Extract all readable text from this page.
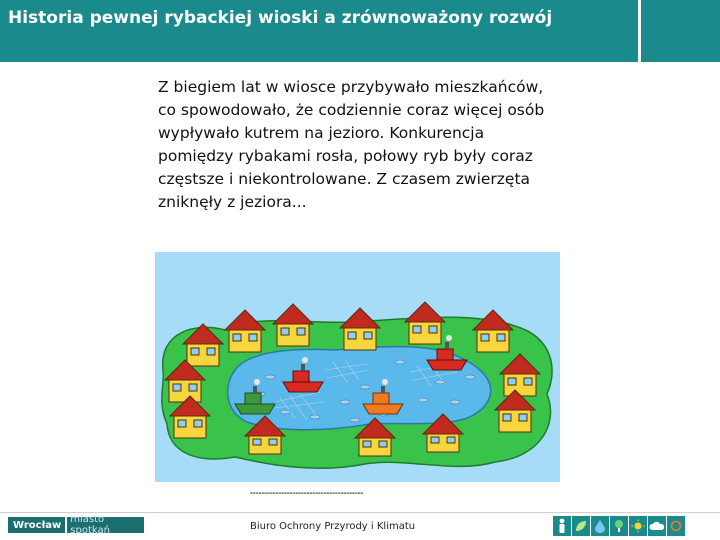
Historia pewnej rybackiej wioski a zrównoważony rozwój
Z biegiem lat w wiosce przybywało mieszkańców,
co spowodowało, że codziennie coraz więcej osób
wypływało kutrem na jezioro. Konkurencja
pomiędzy rybakami rosła, połowy ryb były coraz
częstsze i niekontrolowane. Z czasem zwierzęta
zniknęły z jeziora...
▬▬▬▬▬▬▬▬▬▬▬▬▬▬▬▬▬▬▬▬▬▬▬▬▬▬▬▬▬▬▬▬▬▬▬▬▬▬▬▬
Wrocław miasto spotkań	Biuro Ochrony Przyrody i Klimatu
